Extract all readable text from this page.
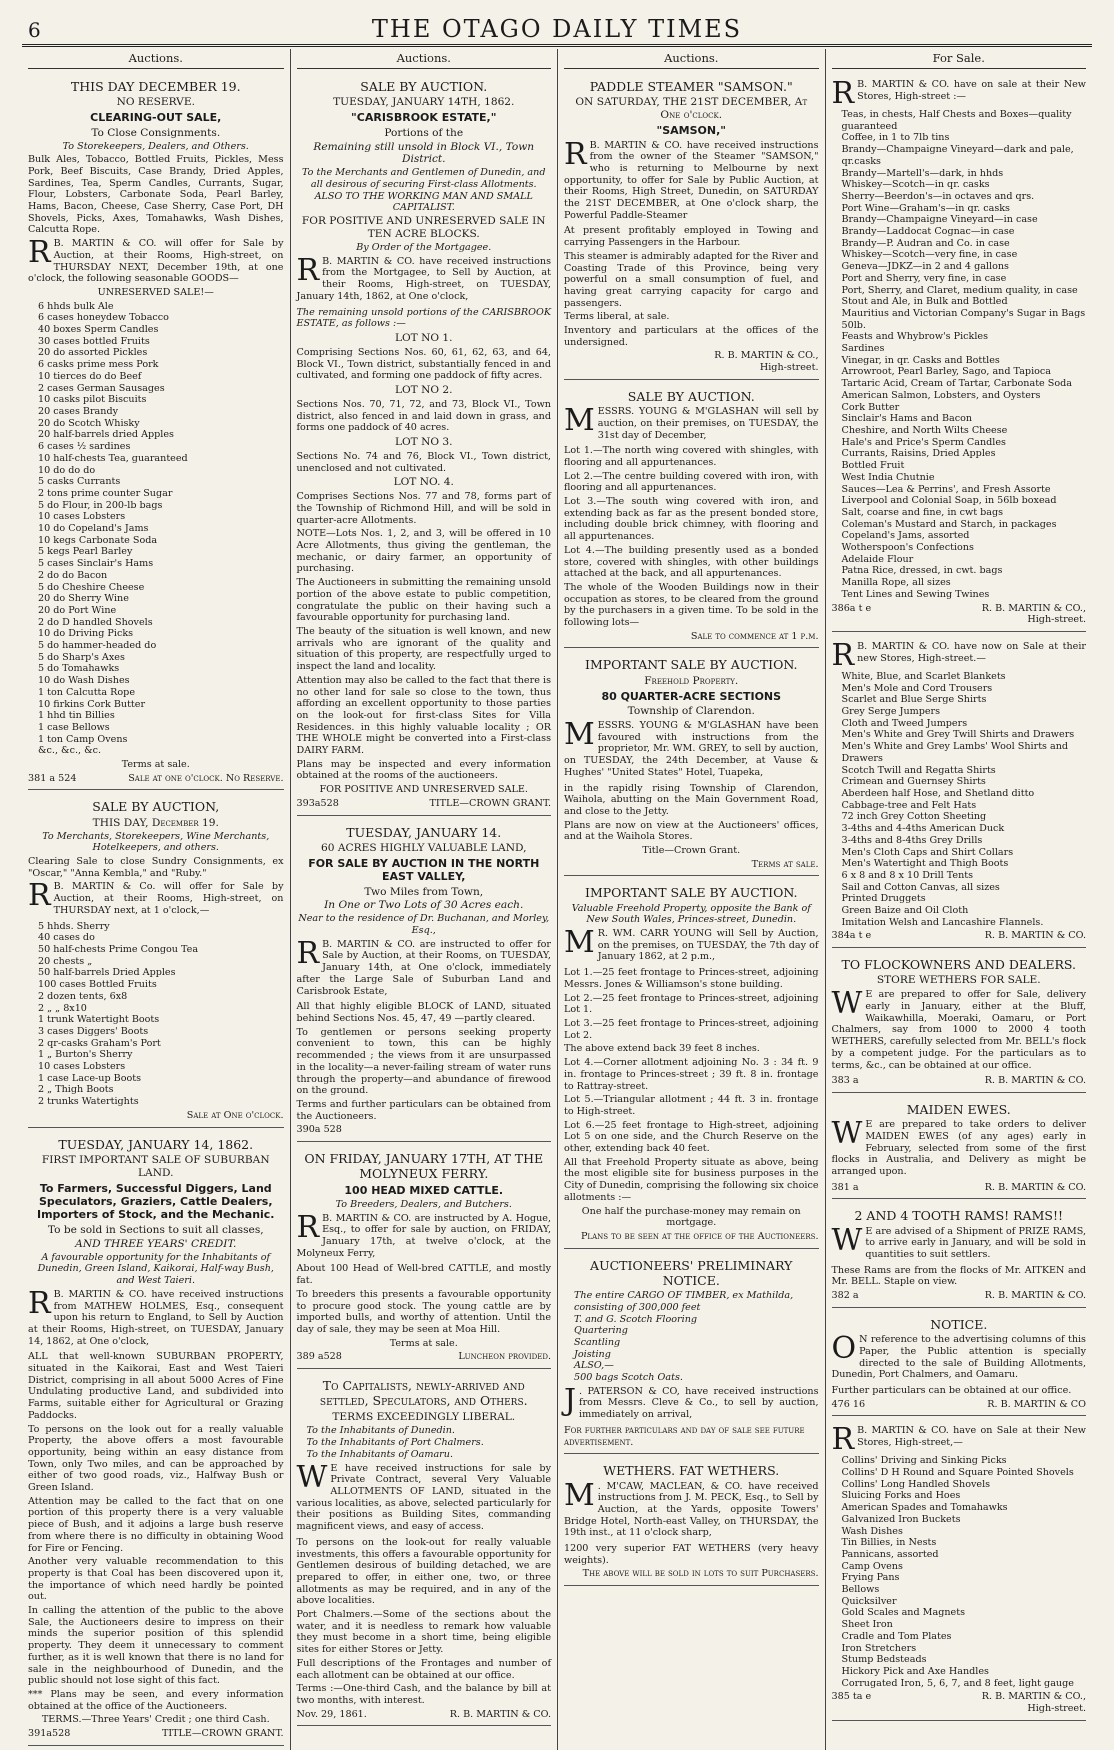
6	THE OTAGO DAILY TIMES
Auctions.
THIS DAY DECEMBER 19.
NO RESERVE.
CLEARING-OUT SALE,
To Close Consignments.
To Storekeepers, Dealers, and Others.
Bulk Ales, Tobacco, Bottled Fruits, Pickles, Mess Pork, Beef Biscuits, Case Brandy, Dried Apples, Sardines, Tea, Sperm Candles, Currants, Sugar, Flour, Lobsters, Carbonate Soda, Pearl Barley, Hams, Bacon, Cheese, Case Sherry, Case Port, DH Shovels, Picks, Axes, Tomahawks, Wash Dishes, Calcutta Rope.
R B. MARTIN & CO. will offer for Sale by Auction, at their Rooms, High-street, on THURSDAY NEXT, December 19th, at one o'clock, the following seasonable GOODS—
UNRESERVED SALE!—
6 hhds bulk Ale
6 cases honeydew Tobacco
40 boxes Sperm Candles
30 cases bottled Fruits
20 do assorted Pickles
6 casks prime mess Pork
10 tierces do do Beef
2 cases German Sausages
10 casks pilot Biscuits
20 cases Brandy
20 do Scotch Whisky
20 half-barrels dried Apples
6 cases ½ sardines
10 half-chests Tea, guaranteed
10 do do do
5 casks Currants
2 tons prime counter Sugar
5 do Flour, in 200-lb bags
10 cases Lobsters
10 do Copeland's Jams
10 kegs Carbonate Soda
5 kegs Pearl Barley
5 cases Sinclair's Hams
2 do do Bacon
5 do Cheshire Cheese
20 do Sherry Wine
20 do Port Wine
2 do D handled Shovels
10 do Driving Picks
5 do hammer-headed do
5 do Sharp's Axes
5 do Tomahawks
10 do Wash Dishes
1 ton Calcutta Rope
10 firkins Cork Butter
1 hhd tin Billies
1 case Bellows
1 ton Camp Ovens
&c., &c., &c.
Terms at sale.
381 a 524	Sale at one o'clock. No Reserve.
SALE BY AUCTION,
THIS DAY, December 19.
To Merchants, Storekeepers, Wine Merchants, Hotelkeepers, and others.
Clearing Sale to close Sundry Consignments, ex "Oscar," "Anna Kembla," and "Ruby."
R B. MARTIN & Co. will offer for Sale by Auction, at their Rooms, High-street, on THURSDAY next, at 1 o'clock,—
5 hhds. Sherry
40 cases do
50 half-chests Prime Congou Tea
20 chests „
50 half-barrels Dried Apples
100 cases Bottled Fruits
2 dozen tents, 6x8
2 „ „ 8x10
1 trunk Watertight Boots
3 cases Diggers' Boots
2 qr-casks Graham's Port
1 „ Burton's Sherry
10 cases Lobsters
1 case Lace-up Boots
2 „ Thigh Boots
2 trunks Watertights
Sale at One o'clock.
TUESDAY, JANUARY 14, 1862.
FIRST IMPORTANT SALE OF SUBURBAN LAND.
To Farmers, Successful Diggers, Land Speculators, Graziers, Cattle Dealers, Importers of Stock, and the Mechanic.
To be sold in Sections to suit all classes,
AND THREE YEARS' CREDIT.
A favourable opportunity for the Inhabitants of Dunedin, Green Island, Kaikorai, Half-way Bush, and West Taieri.
R B. MARTIN & CO. have received instructions from MATHEW HOLMES, Esq., consequent upon his return to England, to Sell by Auction at their Rooms, High-street, on TUESDAY, January 14, 1862, at One o'clock,
ALL that well-known SUBURBAN PROPERTY, situated in the Kaikorai, East and West Taieri District, comprising in all about 5000 Acres of Fine Undulating productive Land, and subdivided into Farms, suitable either for Agricultural or Grazing Paddocks.
To persons on the look out for a really valuable Property, the above offers a most favourable opportunity, being within an easy distance from Town, only Two miles, and can be approached by either of two good roads, viz., Halfway Bush or Green Island.
Attention may be called to the fact that on one portion of this property there is a very valuable piece of Bush, and it adjoins a large bush reserve from where there is no difficulty in obtaining Wood for Fire or Fencing.
Another very valuable recommendation to this property is that Coal has been discovered upon it, the importance of which need hardly be pointed out.
In calling the attention of the public to the above Sale, the Auctioneers desire to impress on their minds the superior position of this splendid property. They deem it unnecessary to comment further, as it is well known that there is no land for sale in the neighbourhood of Dunedin, and the public should not lose sight of this fact.
*** Plans may be seen, and every information obtained at the office of the Auctioneers.
TERMS.—Three Years' Credit ; one third Cash.
391a528	TITLE—CROWN GRANT.
Auctions.
SALE BY AUCTION.
TUESDAY, JANUARY 14TH, 1862.
"CARISBROOK ESTATE,"
Portions of the
Remaining still unsold in Block VI., Town District.
To the Merchants and Gentlemen of Dunedin, and all desirous of securing First-class Allotments. ALSO TO THE WORKING MAN AND SMALL CAPITALIST.
FOR POSITIVE AND UNRESERVED SALE IN TEN ACRE BLOCKS.
By Order of the Mortgagee.
R B. MARTIN & CO. have received instructions from the Mortgagee, to Sell by Auction, at their Rooms, High-street, on TUESDAY, January 14th, 1862, at One o'clock,
The remaining unsold portions of the CARISBROOK ESTATE, as follows :—
LOT NO 1.
Comprising Sections Nos. 60, 61, 62, 63, and 64, Block VI., Town district, substantially fenced in and cultivated, and forming one paddock of fifty acres.
LOT NO 2.
Sections Nos. 70, 71, 72, and 73, Block VI., Town district, also fenced in and laid down in grass, and forms one paddock of 40 acres.
LOT NO 3.
Sections No. 74 and 76, Block VI., Town district, unenclosed and not cultivated.
LOT NO. 4.
Comprises Sections Nos. 77 and 78, forms part of the Township of Richmond Hill, and will be sold in quarter-acre Allotments.
NOTE—Lots Nos. 1, 2, and 3, will be offered in 10 Acre Allotments, thus giving the gentleman, the mechanic, or dairy farmer, an opportunity of purchasing.
The Auctioneers in submitting the remaining unsold portion of the above estate to public competition, congratulate the public on their having such a favourable opportunity for purchasing land.
The beauty of the situation is well known, and new arrivals who are ignorant of the quality and situation of this property, are respectfully urged to inspect the land and locality.
Attention may also be called to the fact that there is no other land for sale so close to the town, thus affording an excellent opportunity to those parties on the look-out for first-class Sites for Villa Residences. in this highly valuable locality ; OR THE WHOLE might be converted into a First-class DAIRY FARM.
Plans may be inspected and every information obtained at the rooms of the auctioneers.
FOR POSITIVE AND UNRESERVED SALE.
393a528	TITLE—CROWN GRANT.
TUESDAY, JANUARY 14.
60 ACRES HIGHLY VALUABLE LAND,
FOR SALE BY AUCTION IN THE NORTH EAST VALLEY,
Two Miles from Town,
In One or Two Lots of 30 Acres each.
Near to the residence of Dr. Buchanan, and Morley, Esq.,
R B. MARTIN & CO. are instructed to offer for Sale by Auction, at their Rooms, on TUESDAY, January 14th, at One o'clock, immediately after the Large Sale of Suburban Land and Carisbrook Estate,
All that highly eligible BLOCK of LAND, situated behind Sections Nos. 45, 47, 49 —partly cleared.
To gentlemen or persons seeking property convenient to town, this can be highly recommended ; the views from it are unsurpassed in the locality—a never-failing stream of water runs through the property—and abundance of firewood on the ground.
Terms and further particulars can be obtained from the Auctioneers.
390a 528
ON FRIDAY, JANUARY 17TH, AT THE MOLYNEUX FERRY.
100 HEAD MIXED CATTLE.
To Breeders, Dealers, and Butchers.
R B. MARTIN & CO. are instructed by A. Hogue, Esq., to offer for sale by auction, on FRIDAY, January 17th, at twelve o'clock, at the Molyneux Ferry,
About 100 Head of Well-bred CATTLE, and mostly fat.
To breeders this presents a favourable opportunity to procure good stock. The young cattle are by imported bulls, and worthy of attention. Until the day of sale, they may be seen at Moa Hill.
Terms at sale.
389 a528	Luncheon provided.
To Capitalists, newly-arrived and settled, Speculators, and Others.
TERMS EXCEEDINGLY LIBERAL.
To the Inhabitants of Dunedin.
To the Inhabitants of Port Chalmers.
To the Inhabitants of Oamaru.
W E have received instructions for sale by Private Contract, several Very Valuable ALLOTMENTS OF LAND, situated in the various localities, as above, selected particularly for their positions as Building Sites, commanding magnificent views, and easy of access.
To persons on the look-out for really valuable investments, this offers a favourable opportunity for Gentlemen desirous of building detached, we are prepared to offer, in either one, two, or three allotments as may be required, and in any of the above localities.
Port Chalmers.—Some of the sections about the water, and it is needless to remark how valuable they must become in a short time, being eligible sites for either Stores or Jetty.
Full descriptions of the Frontages and number of each allotment can be obtained at our office.
Terms :—One-third Cash, and the balance by bill at two months, with interest.
Nov. 29, 1861.	R. B. MARTIN & CO.
Auctions.
PADDLE STEAMER "SAMSON."
ON SATURDAY, THE 21ST DECEMBER, At One o'clock.
"SAMSON,"
R B. MARTIN & CO. have received instructions from the owner of the Steamer "SAMSON," who is returning to Melbourne by next opportunity, to offer for Sale by Public Auction, at their Rooms, High Street, Dunedin, on SATURDAY the 21ST DECEMBER, at One o'clock sharp, the Powerful Paddle-Steamer
At present profitably employed in Towing and carrying Passengers in the Harbour.
This steamer is admirably adapted for the River and Coasting Trade of this Province, being very powerful on a small consumption of fuel, and having great carrying capacity for cargo and passengers.
Terms liberal, at sale.
Inventory and particulars at the offices of the undersigned.
R. B. MARTIN & CO.,
High-street.
SALE BY AUCTION.
MESSRS. YOUNG & M'GLASHAN will sell by auction, on their premises, on TUESDAY, the 31st day of December,
Lot 1.—The north wing covered with shingles, with flooring and all appurtenances.
Lot 2.—The centre building covered with iron, with flooring and all appurtenances.
Lot 3.—The south wing covered with iron, and extending back as far as the present bonded store, including double brick chimney, with flooring and all appurtenances.
Lot 4.—The building presently used as a bonded store, covered with shingles, with other buildings attached at the back, and all appurtenances.
The whole of the Wooden Buildings now in their occupation as stores, to be cleared from the ground by the purchasers in a given time. To be sold in the following lots—
Sale to commence at 1 p.m.
IMPORTANT SALE BY AUCTION.
Freehold Property.
80 QUARTER-ACRE SECTIONS
Township of Clarendon.
MESSRS. YOUNG & M'GLASHAN have been favoured with instructions from the proprietor, Mr. WM. GREY, to sell by auction, on TUESDAY, the 24th December, at Vause & Hughes' "United States" Hotel, Tuapeka,
in the rapidly rising Township of Clarendon, Waihola, abutting on the Main Government Road, and close to the Jetty.
Plans are now on view at the Auctioneers' offices, and at the Waihola Stores.
Title—Crown Grant.
Terms at sale.
IMPORTANT SALE BY AUCTION.
Valuable Freehold Property, opposite the Bank of New South Wales, Princes-street, Dunedin.
M R. WM. CARR YOUNG will Sell by Auction, on the premises, on TUESDAY, the 7th day of January 1862, at 2 p.m.,
Lot 1.—25 feet frontage to Princes-street, adjoining Messrs. Jones & Williamson's stone building.
Lot 2.—25 feet frontage to Princes-street, adjoining Lot 1.
Lot 3.—25 feet frontage to Princes-street, adjoining Lot 2.
The above extend back 39 feet 8 inches.
Lot 4.—Corner allotment adjoining No. 3 : 34 ft. 9 in. frontage to Princes-street ; 39 ft. 8 in. frontage to Rattray-street.
Lot 5.—Triangular allotment ; 44 ft. 3 in. frontage to High-street.
Lot 6.—25 feet frontage to High-street, adjoining Lot 5 on one side, and the Church Reserve on the other, extending back 40 feet.
All that Freehold Property situate as above, being the most eligible site for business purposes in the City of Dunedin, comprising the following six choice allotments :—
One half the purchase-money may remain on mortgage.
Plans to be seen at the office of the Auctioneers.
AUCTIONEERS' PRELIMINARY NOTICE.
The entire CARGO OF TIMBER, ex Mathilda, consisting of 300,000 feet
T. and G. Scotch Flooring
Quartering
Scantling
Joisting
ALSO,—
500 bags Scotch Oats.
J . PATERSON & CO, have received instructions from Messrs. Cleve & Co., to sell by auction, immediately on arrival,
For further particulars and day of sale see future advertisement.
WETHERS. FAT WETHERS.
M . M'CAW, MACLEAN, & CO. have received instructions from J. M. PECK, Esq., to Sell by Auction, at the Yards, opposite Towers' Bridge Hotel, North-east Valley, on THURSDAY, the 19th inst., at 11 o'clock sharp,
1200 very superior FAT WETHERS (very heavy weights).
The above will be sold in lots to suit Purchasers.
For Sale.
R B. MARTIN & CO. have on sale at their New Stores, High-street :—
Teas, in chests, Half Chests and Boxes—quality guaranteed
Coffee, in 1 to 7lb tins
Brandy—Champaigne Vineyard—dark and pale, qr.casks
Brandy—Martell's—dark, in hhds
Whiskey—Scotch—in qr. casks
Sherry—Beerdon's—in octaves and qrs.
Port Wine—Graham's—in qr. casks
Brandy—Champaigne Vineyard—in case
Brandy—Laddocat Cognac—in case
Brandy—P. Audran and Co. in case
Whiskey—Scotch—very fine, in case
Geneva—JDKZ—in 2 and 4 gallons
Port and Sherry, very fine, in case
Port, Sherry, and Claret, medium quality, in case
Stout and Ale, in Bulk and Bottled
Mauritius and Victorian Company's Sugar in Bags 50lb.
Feasts and Whybrow's Pickles
Sardines
Vinegar, in qr. Casks and Bottles
Arrowroot, Pearl Barley, Sago, and Tapioca
Tartaric Acid, Cream of Tartar, Carbonate Soda
American Salmon, Lobsters, and Oysters
Cork Butter
Sinclair's Hams and Bacon
Cheshire, and North Wilts Cheese
Hale's and Price's Sperm Candles
Currants, Raisins, Dried Apples
Bottled Fruit
West India Chutnie
Sauces—Lea & Perrins', and Fresh Assorte
Liverpool and Colonial Soap, in 56lb boxead
Salt, coarse and fine, in cwt bags
Coleman's Mustard and Starch, in packages
Copeland's Jams, assorted
Wotherspoon's Confections
Adelaide Flour
Patna Rice, dressed, in cwt. bags
Manilla Rope, all sizes
Tent Lines and Sewing Twines
386a t e	R. B. MARTIN & CO.,
High-street.
R B. MARTIN & CO. have now on Sale at their new Stores, High-street.—
White, Blue, and Scarlet Blankets
Men's Mole and Cord Trousers
Scarlet and Blue Serge Shirts
Grey Serge Jumpers
Cloth and Tweed Jumpers
Men's White and Grey Twill Shirts and Drawers
Men's White and Grey Lambs' Wool Shirts and Drawers
Scotch Twill and Regatta Shirts
Crimean and Guernsey Shirts
Aberdeen half Hose, and Shetland ditto
Cabbage-tree and Felt Hats
72 inch Grey Cotton Sheeting
3-4ths and 4-4ths American Duck
3-4ths and 8-4ths Grey Drills
Men's Cloth Caps and Shirt Collars
Men's Watertight and Thigh Boots
6 x 8 and 8 x 10 Drill Tents
Sail and Cotton Canvas, all sizes
Printed Druggets
Green Baize and Oil Cloth
Imitation Welsh and Lancashire Flannels.
384a t e	R. B. MARTIN & CO.
TO FLOCKOWNERS AND DEALERS.
STORE WETHERS FOR SALE.
W E are prepared to offer for Sale, delivery early in January, either at the Bluff, Waikawhilla, Moeraki, Oamaru, or Port Chalmers, say from 1000 to 2000 4 tooth WETHERS, carefully selected from Mr. BELL's flock by a competent judge. For the particulars as to terms, &c., can be obtained at our office.
383 a	R. B. MARTIN & CO.
MAIDEN EWES.
W E are prepared to take orders to deliver MAIDEN EWES (of any ages) early in February, selected from some of the first flocks in Australia, and Delivery as might be arranged upon.
381 a	R. B. MARTIN & CO.
2 AND 4 TOOTH RAMS! RAMS!!
W E are advised of a Shipment of PRIZE RAMS, to arrive early in January, and will be sold in quantities to suit settlers.
These Rams are from the flocks of Mr. AITKEN and Mr. BELL. Staple on view.
382 a	R. B. MARTIN & CO.
NOTICE.
O N reference to the advertising columns of this Paper, the Public attention is specially directed to the sale of Building Allotments, Dunedin, Port Chalmers, and Oamaru.
Further particulars can be obtained at our office.
476 16	R. B. MARTIN & CO
R B. MARTIN & CO. have on Sale at their New Stores, High-street,—
Collins' Driving and Sinking Picks
Collins' D H Round and Square Pointed Shovels
Collins' Long Handled Shovels
Sluicing Forks and Hoes
American Spades and Tomahawks
Galvanized Iron Buckets
Wash Dishes
Tin Billies, in Nests
Pannicans, assorted
Camp Ovens
Frying Pans
Bellows
Quicksilver
Gold Scales and Magnets
Sheet Iron
Cradle and Tom Plates
Iron Stretchers
Stump Bedsteads
Hickory Pick and Axe Handles
Corrugated Iron, 5, 6, 7, and 8 feet, light gauge
385 ta e	R. B. MARTIN & CO.,
High-street.
